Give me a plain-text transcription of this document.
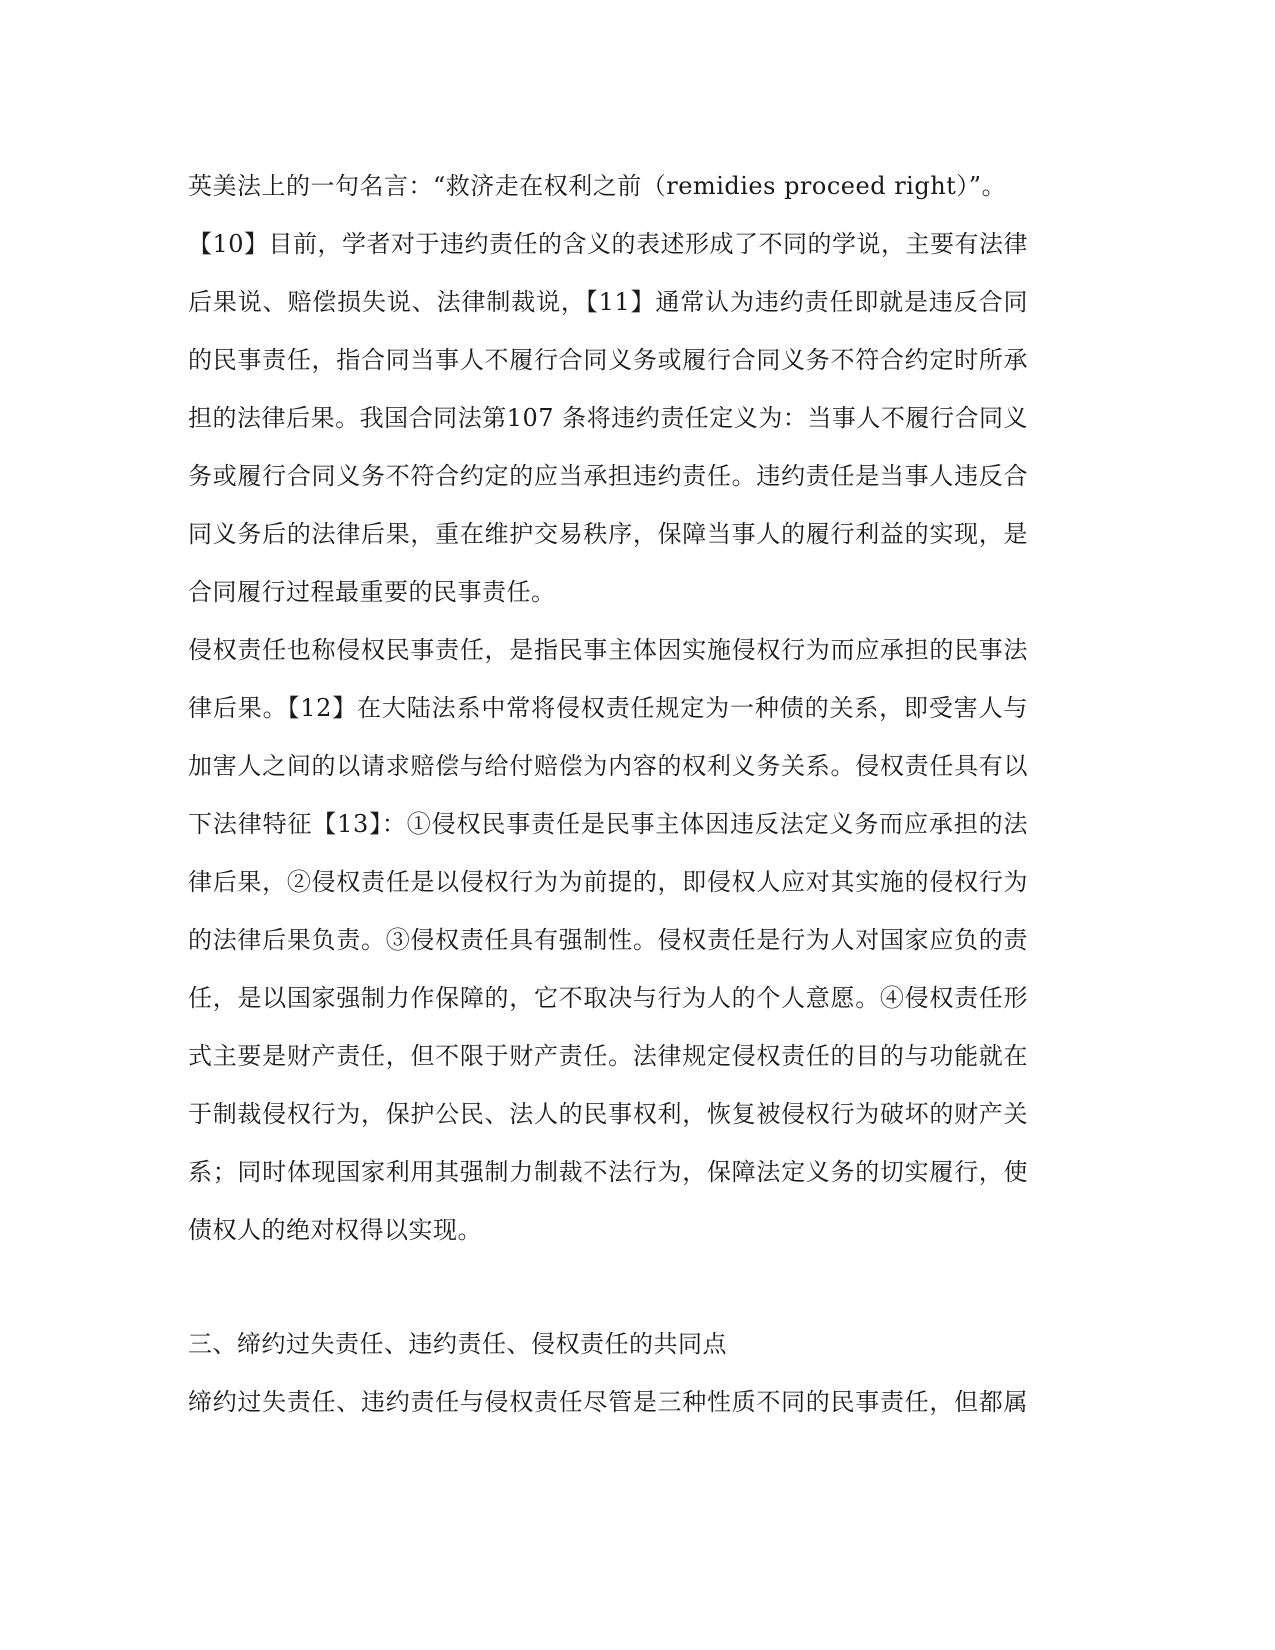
英美法上的一句名言：“救济走在权利之前（remidies proceed right）”。
【10】目前，学者对于违约责任的含义的表述形成了不同的学说，主要有法律
后果说、赔偿损失说、法律制裁说，【11】通常认为违约责任即就是违反合同
的民事责任，指合同当事人不履行合同义务或履行合同义务不符合约定时所承
担的法律后果。我国合同法第107 条将违约责任定义为：当事人不履行合同义
务或履行合同义务不符合约定的应当承担违约责任。违约责任是当事人违反合
同义务后的法律后果，重在维护交易秩序，保障当事人的履行利益的实现，是
合同履行过程最重要的民事责任。
侵权责任也称侵权民事责任，是指民事主体因实施侵权行为而应承担的民事法
律后果。【12】在大陆法系中常将侵权责任规定为一种债的关系，即受害人与
加害人之间的以请求赔偿与给付赔偿为内容的权利义务关系。侵权责任具有以
下法律特征【13】：①侵权民事责任是民事主体因违反法定义务而应承担的法
律后果，②侵权责任是以侵权行为为前提的，即侵权人应对其实施的侵权行为
的法律后果负责。③侵权责任具有强制性。侵权责任是行为人对国家应负的责
任，是以国家强制力作保障的，它不取决与行为人的个人意愿。④侵权责任形
式主要是财产责任，但不限于财产责任。法律规定侵权责任的目的与功能就在
于制裁侵权行为，保护公民、法人的民事权利，恢复被侵权行为破坏的财产关
系；同时体现国家利用其强制力制裁不法行为，保障法定义务的切实履行，使
债权人的绝对权得以实现。
三、缔约过失责任、违约责任、侵权责任的共同点
缔约过失责任、违约责任与侵权责任尽管是三种性质不同的民事责任，但都属
